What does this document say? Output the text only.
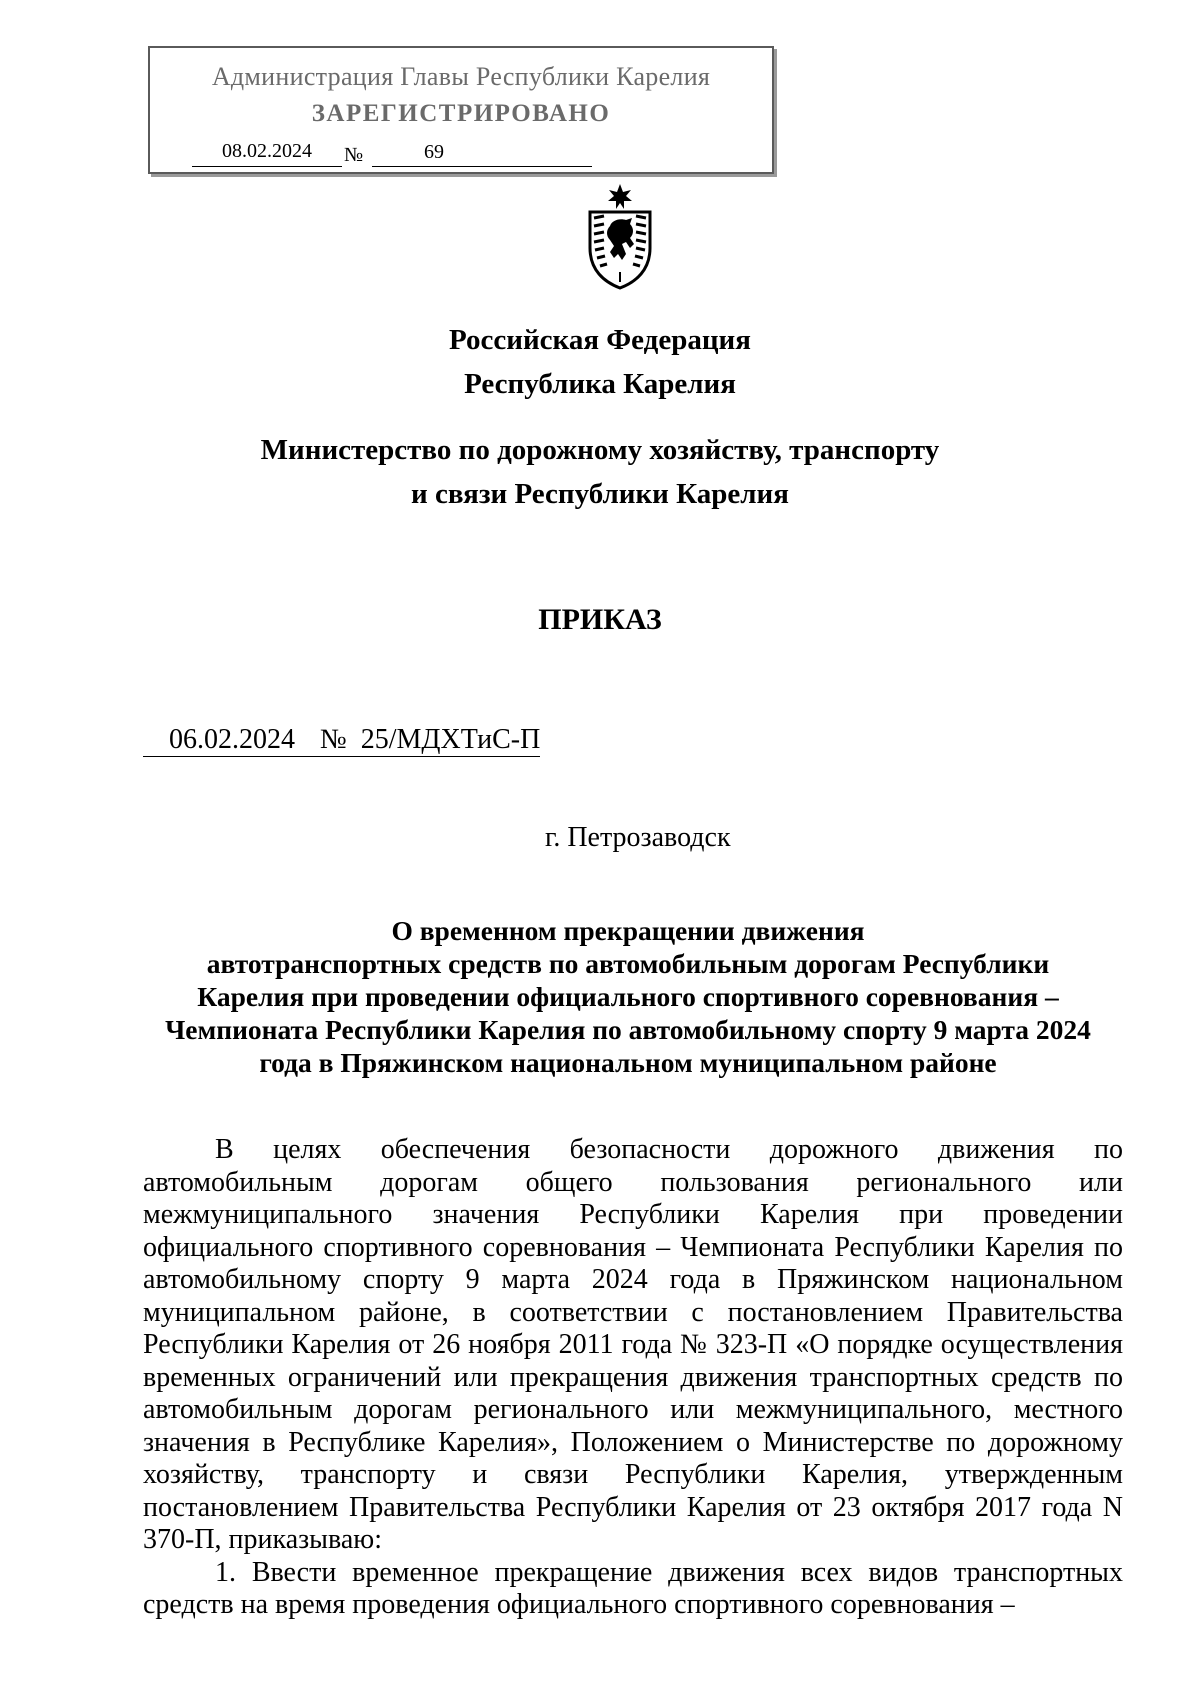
Администрация Главы Республики Карелия
ЗАРЕГИСТРИРОВАНО
08.02.2024	№	69
Российская Федерация
Республика Карелия
Министерство по дорожному хозяйству, транспорту
и связи Республики Карелия
ПРИКАЗ
06.02.2024 № 25/МДХТиС-П
г. Петрозаводск
О временном прекращении движения
автотранспортных средств по автомобильным дорогам Республики
Карелия при проведении официального спортивного соревнования –
Чемпионата Республики Карелия по автомобильному спорту 9 марта 2024
года в Пряжинском национальном муниципальном районе

В целях обеспечения безопасности дорожного движения по автомобильным дорогам общего пользования регионального или межмуниципального значения Республики Карелия при проведении официального спортивного соревнования – Чемпионата Республики Карелия по автомобильному спорту 9 марта 2024 года в Пряжинском национальном муниципальном районе, в соответствии с постановлением Правительства Республики Карелия от 26 ноября 2011 года № 323-П «О порядке осуществления временных ограничений или прекращения движения транспортных средств по автомобильным дорогам регионального или межмуниципального, местного значения в Республике Карелия», Положением о Министерстве по дорожному хозяйству, транспорту и связи Республики Карелия, утвержденным постановлением Правительства Республики Карелия от 23 октября 2017 года N 370-П, приказываю:

1. Ввести временное прекращение движения всех видов транспортных средств на время проведения официального спортивного соревнования –
